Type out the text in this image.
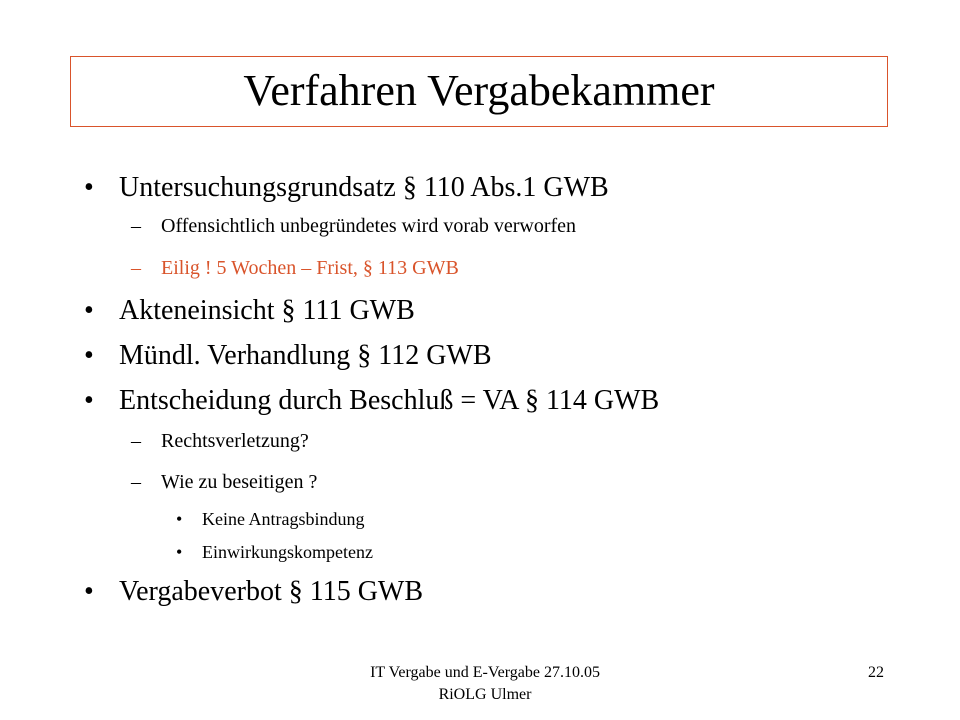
Verfahren Vergabekammer
• Untersuchungsgrundsatz § 110 Abs.1 GWB
– Offensichtlich unbegründetes wird vorab verworfen
– Eilig ! 5 Wochen – Frist, § 113 GWB
• Akteneinsicht § 111 GWB
• Mündl. Verhandlung § 112 GWB
• Entscheidung durch Beschluß = VA § 114 GWB
– Rechtsverletzung?
– Wie zu beseitigen ?
• Keine Antragsbindung
• Einwirkungskompetenz
• Vergabeverbot § 115 GWB
IT Vergabe und E-Vergabe 27.10.05
RiOLG Ulmer
22
